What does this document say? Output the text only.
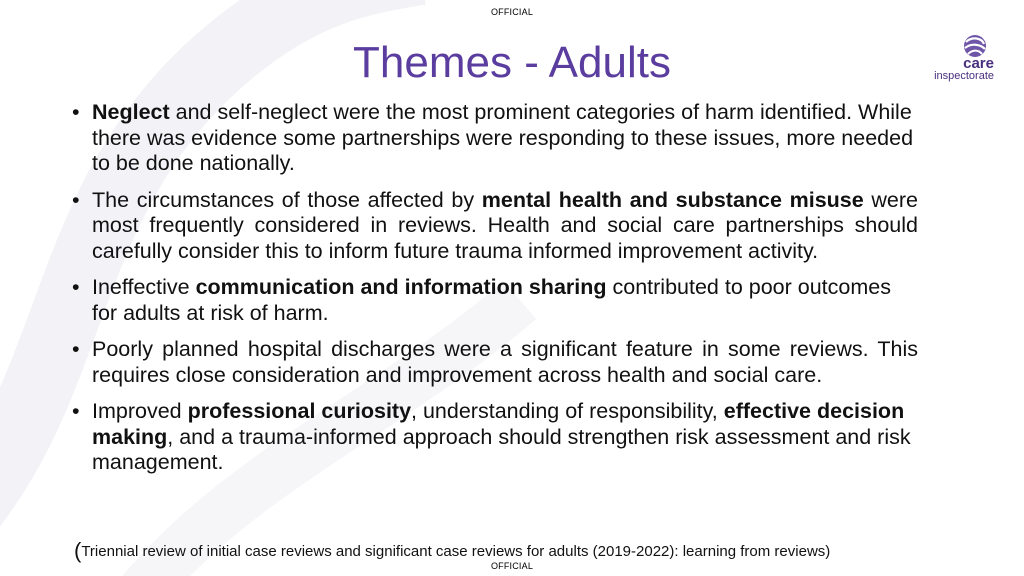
OFFICIAL
Themes - Adults	care
inspectorate
• Neglect and self-neglect were the most prominent categories of harm identified. While there was evidence some partnerships were responding to these issues, more needed to be done nationally.
• The circumstances of those affected by mental health and substance misuse were most frequently considered in reviews. Health and social care partnerships should carefully consider this to inform future trauma informed improvement activity.
• Ineffective communication and information sharing contributed to poor outcomes for adults at risk of harm.
• Poorly planned hospital discharges were a significant feature in some reviews. This requires close consideration and improvement across health and social care.
• Improved professional curiosity, understanding of responsibility, effective decision making, and a trauma-informed approach should strengthen risk assessment and risk management.
(Triennial review of initial case reviews and significant case reviews for adults (2019-2022): learning from reviews)
OFFICIAL
